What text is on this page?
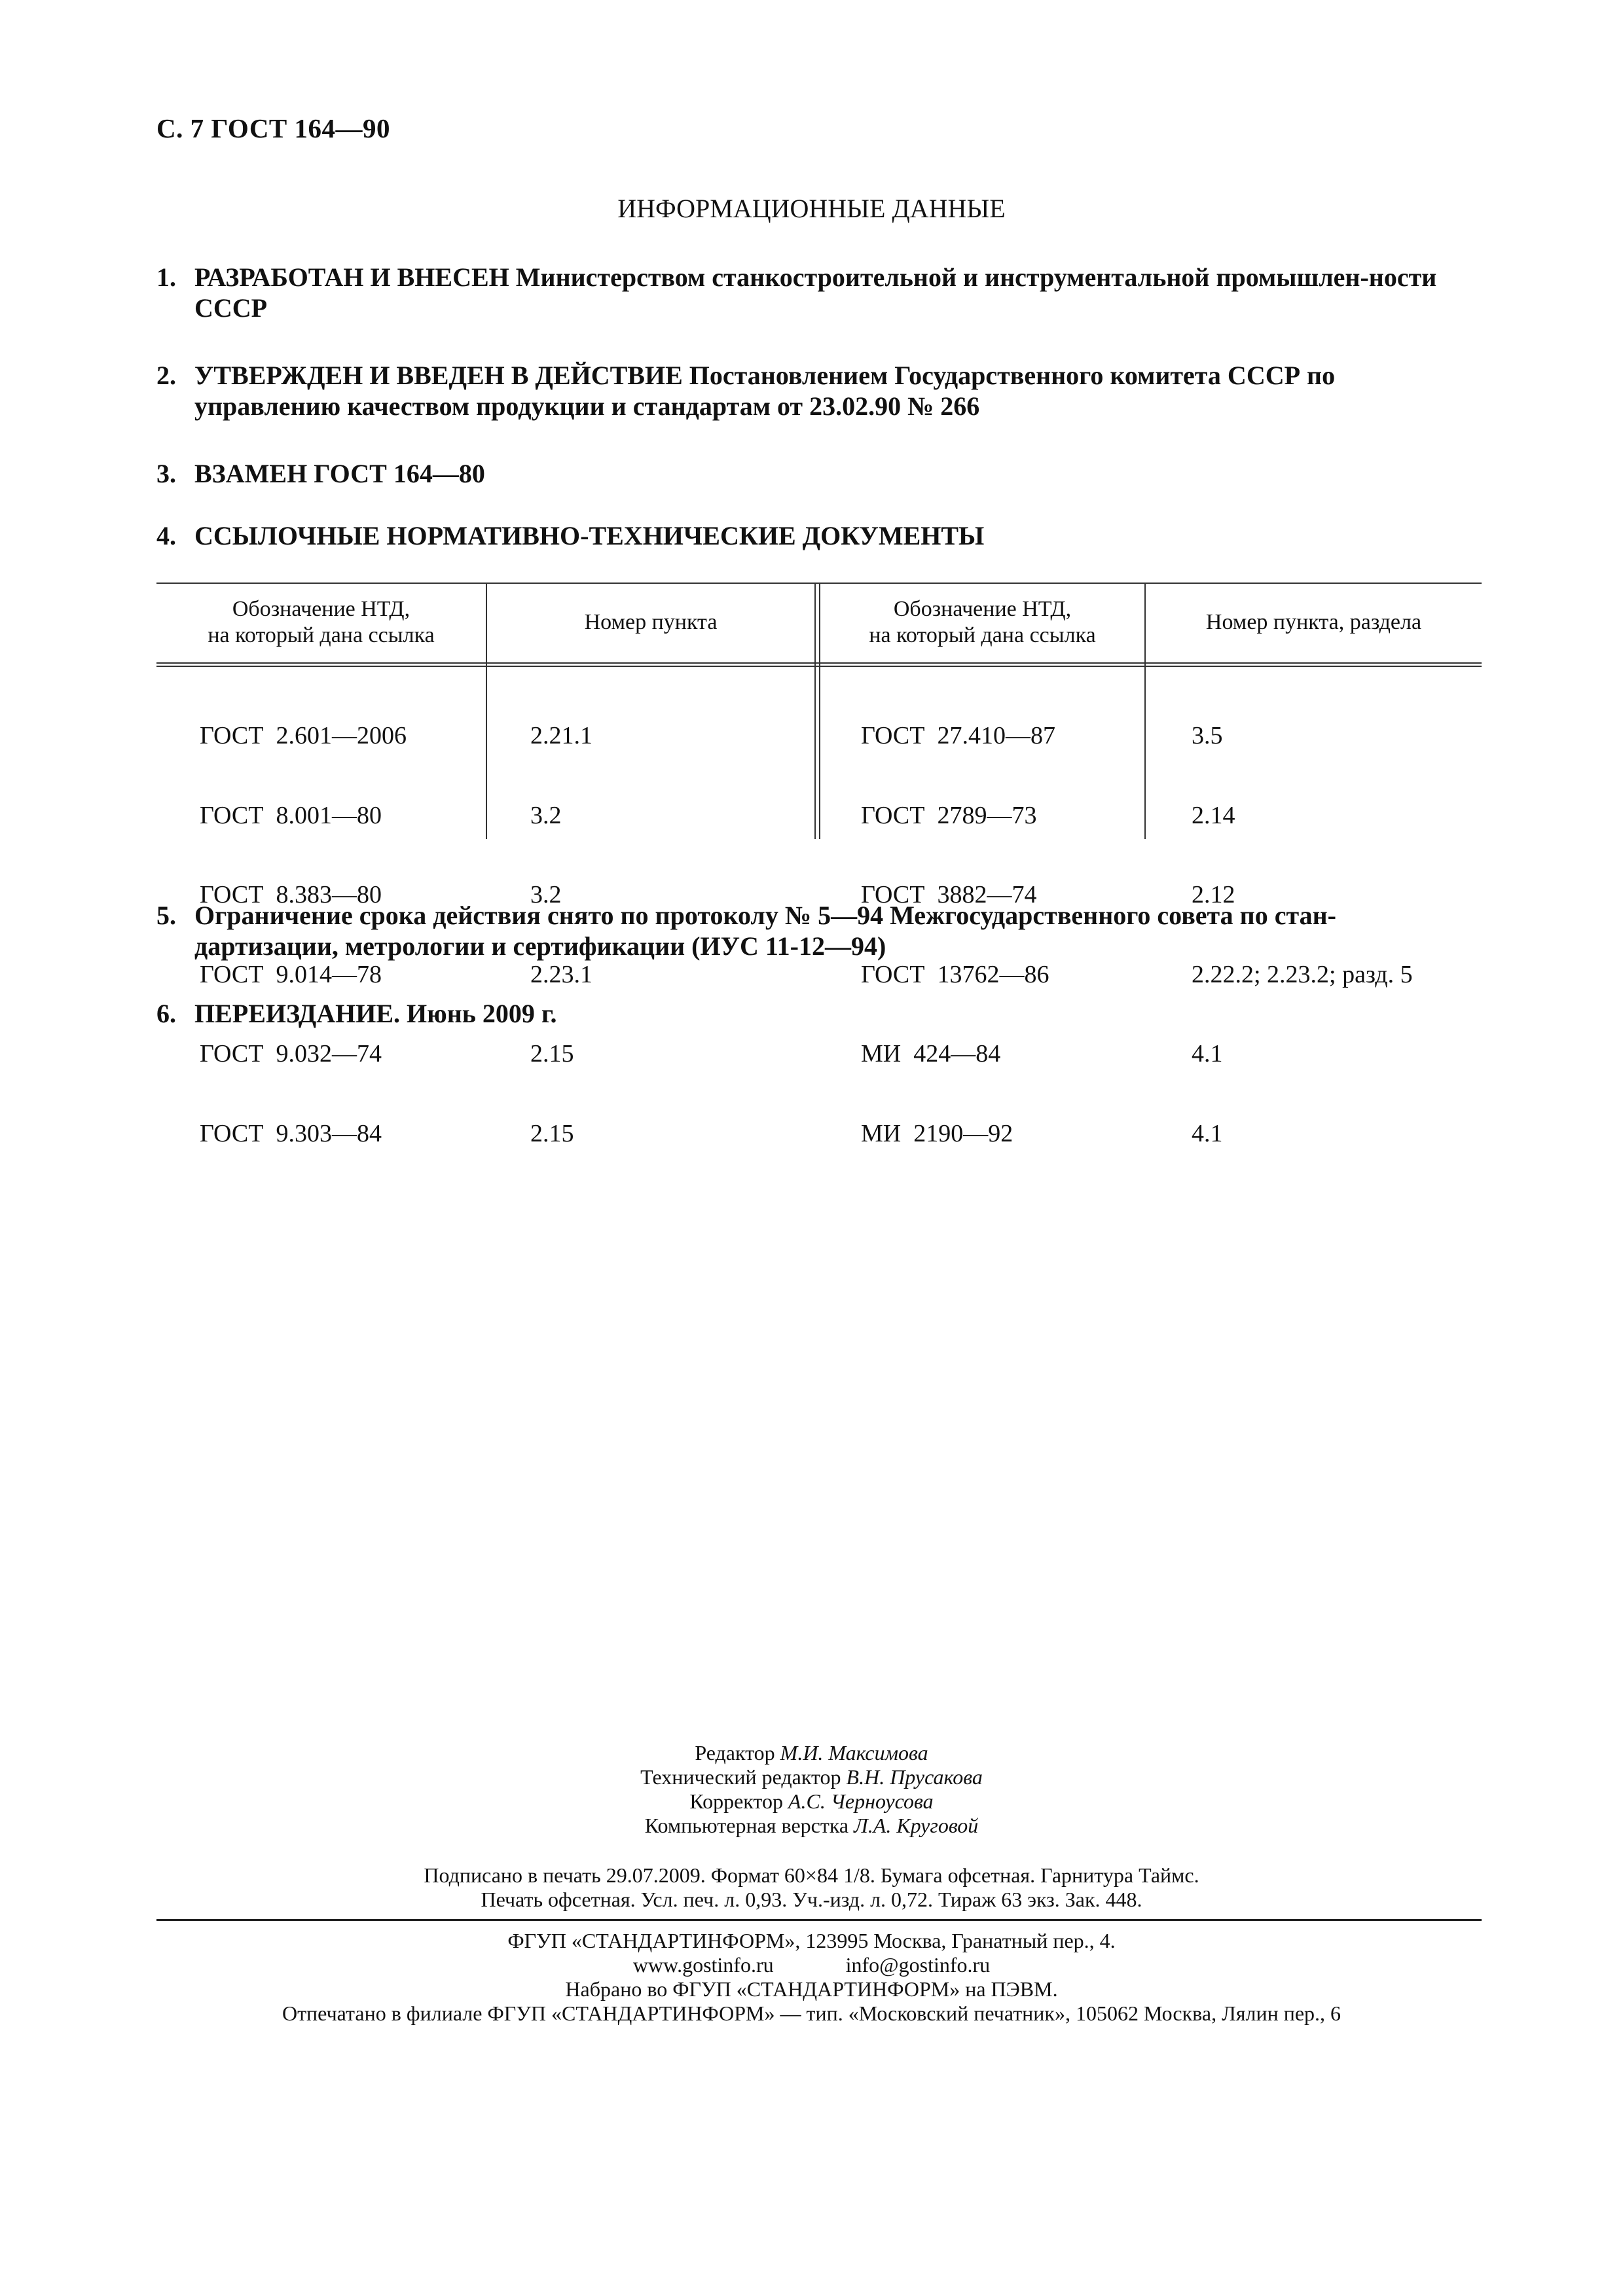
С. 7 ГОСТ 164—90
ИНФОРМАЦИОННЫЕ ДАННЫЕ
1. РАЗРАБОТАН И ВНЕСЕН Министерством станкостроительной и инструментальной промышлен-ности СССР
2. УТВЕРЖДЕН И ВВЕДЕН В ДЕЙСТВИЕ Постановлением Государственного комитета СССР по управлению качеством продукции и стандартам от 23.02.90 № 266
3. ВЗАМЕН ГОСТ 164—80
4. ССЫЛОЧНЫЕ НОРМАТИВНО-ТЕХНИЧЕСКИЕ ДОКУМЕНТЫ
Обозначение НТД,
на который дана ссылка
Номер пункта
Обозначение НТД,
на который дана ссылка
Номер пункта, раздела

ГОСТ  2.601—2006

ГОСТ  8.001—80

ГОСТ  8.383—80

ГОСТ  9.014—78

ГОСТ  9.032—74

ГОСТ  9.303—84

2.21.1

3.2

3.2

2.23.1

2.15

2.15

ГОСТ  27.410—87

ГОСТ  2789—73

ГОСТ  3882—74

ГОСТ  13762—86

МИ  424—84

МИ  2190—92

3.5

2.14

2.12

2.22.2; 2.23.2; разд. 5

4.1

4.1

5. Ограничение срока действия снято по протоколу № 5—94 Межгосударственного совета по стан-дартизации, метрологии и сертификации (ИУС 11-12—94)
6. ПЕРЕИЗДАНИЕ. Июнь 2009 г.
Редактор М.И. Максимова
Технический редактор В.Н. Прусакова
Корректор А.С. Черноусова
Компьютерная верстка Л.А. Круговой
Подписано в печать 29.07.2009. Формат 60×84 1/8. Бумага офсетная. Гарнитура Таймс.
Печать офсетная. Усл. печ. л. 0,93. Уч.-изд. л. 0,72. Тираж 63 экз. Зак. 448.
ФГУП «СТАНДАРТИНФОРМ», 123995 Москва, Гранатный пер., 4.
www.gostinfo.ru	info@gostinfo.ru
Набрано во ФГУП «СТАНДАРТИНФОРМ» на ПЭВМ.
Отпечатано в филиале ФГУП «СТАНДАРТИНФОРМ» — тип. «Московский печатник», 105062 Москва, Лялин пер., 6
